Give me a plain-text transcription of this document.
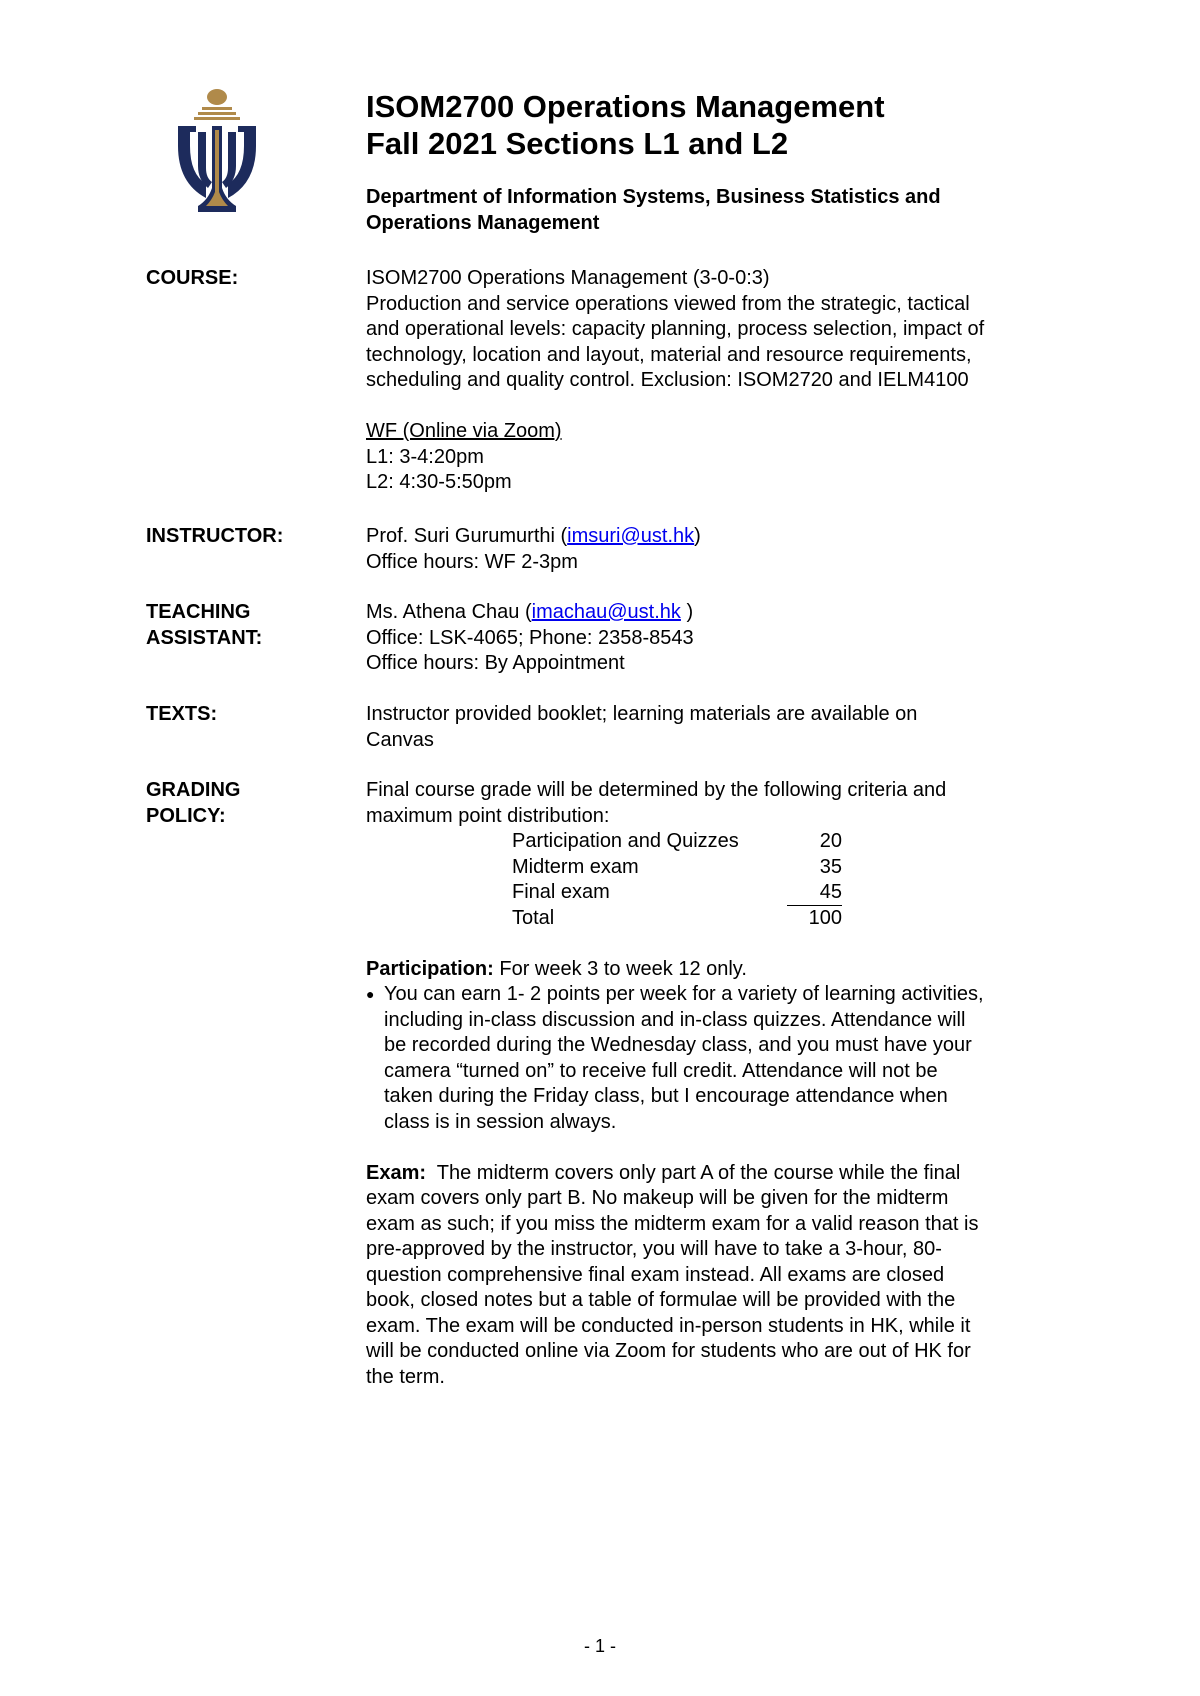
ISOM2700 Operations Management
Fall 2021 Sections L1 and L2
Department of Information Systems, Business Statistics and
Operations Management
COURSE:	ISOM2700 Operations Management (3-0-0:3)
Production and service operations viewed from the strategic, tactical
and operational levels: capacity planning, process selection, impact of
technology, location and layout, material and resource requirements,
scheduling and quality control. Exclusion: ISOM2720 and IELM4100
WF (Online via Zoom)
L1: 3-4:20pm
L2: 4:30-5:50pm
INSTRUCTOR:	Prof. Suri Gurumurthi (imsuri@ust.hk)
Office hours: WF 2-3pm
TEACHING
ASSISTANT:
Ms. Athena Chau (imachau@ust.hk )
Office: LSK-4065; Phone: 2358-8543
Office hours: By Appointment
TEXTS:	Instructor provided booklet; learning materials are available on
Canvas
GRADING
POLICY:
Final course grade will be determined by the following criteria and
maximum point distribution:
Participation and Quizzes	20
Midterm exam	35
Final exam	45
Total	100
Participation: For week 3 to week 12 only.
● You can earn 1- 2 points per week for a variety of learning activities,
including in-class discussion and in-class quizzes. Attendance will
be recorded during the Wednesday class, and you must have your
camera “turned on” to receive full credit. Attendance will not be
taken during the Friday class, but I encourage attendance when
class is in session always.
Exam:  The midterm covers only part A of the course while the final
exam covers only part B. No makeup will be given for the midterm
exam as such; if you miss the midterm exam for a valid reason that is
pre-approved by the instructor, you will have to take a 3-hour, 80-
question comprehensive final exam instead. All exams are closed
book, closed notes but a table of formulae will be provided with the
exam. The exam will be conducted in-person students in HK, while it
will be conducted online via Zoom for students who are out of HK for
the term.
- 1 -
